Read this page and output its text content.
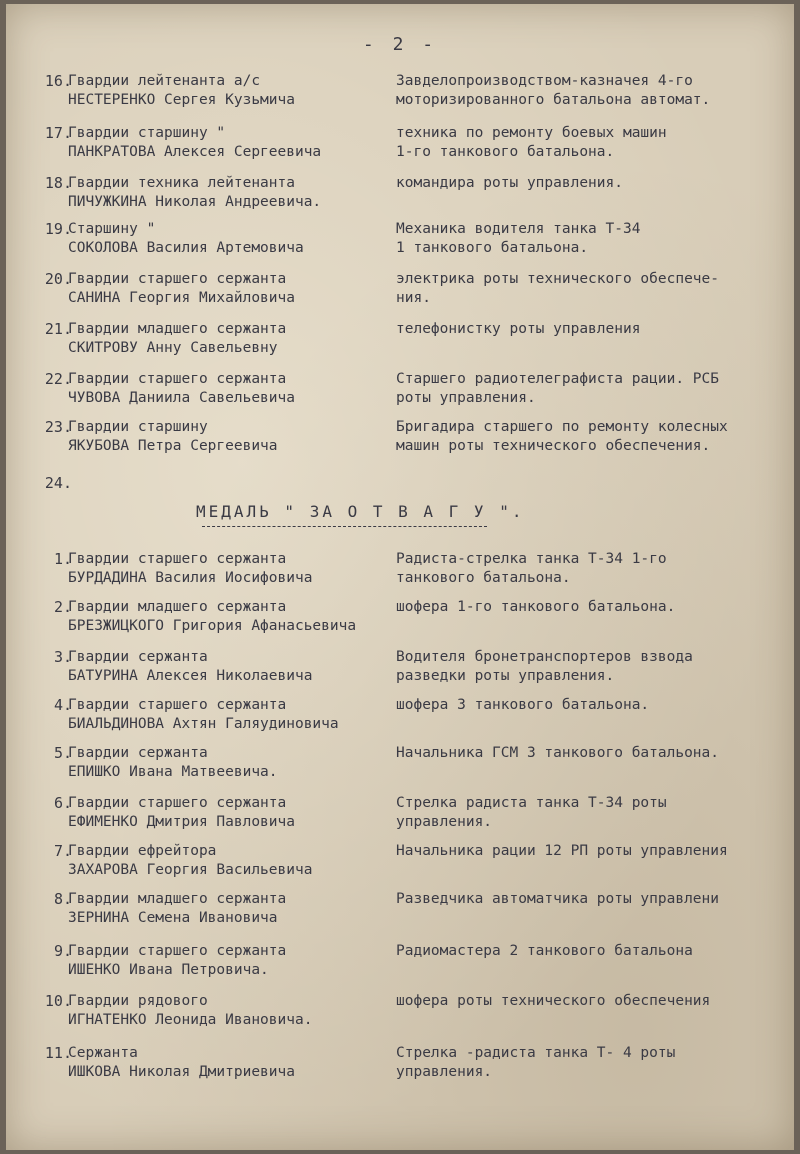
- 2 -
16.
Гвардии лейтенанта а/с
НЕСТЕРЕНКО Сергея Кузьмича
Завделопроизводством-казначея 4-го
моторизированного батальона автомат.
17.
Гвардии старшину "
ПАНКРАТОВА Алексея Сергеевича
техника по ремонту боевых машин
1-го танкового батальона.
18.
Гвардии техника лейтенанта
ПИЧУЖКИНА Николая Андреевича.
командира роты управления.
19.
Старшину "
СОКОЛОВА Василия Артемовича
Механика водителя танка Т-34
1 танкового батальона.
20.
Гвардии старшего сержанта
САНИНА Георгия Михайловича
электрика роты технического обеспече-
ния.
21.
Гвардии младшего сержанта
СКИТРОВУ Анну Савельевну
телефонистку роты управления
22.
Гвардии старшего сержанта
ЧУВОВА Даниила Савельевича
Старшего радиотелеграфиста рации. РСБ
роты управления.
23.
Гвардии старшину
ЯКУБОВА Петра Сергеевича
Бригадира старшего по ремонту колесных
машин роты технического обеспечения.
24.
МЕДАЛЬ " ЗА О Т В А Г У ".
1.
Гвардии старшего сержанта
БУРДАДИНА Василия Иосифовича
Радиста-стрелка танка Т-34 1-го
танкового батальона.
2.
Гвардии младшего сержанта
БРЕЗЖИЦКОГО Григория Афанасьевича
шофера 1-го танкового батальона.
3.
Гвардии сержанта
БАТУРИНА Алексея Николаевича
Водителя бронетранспортеров взвода
разведки роты управления.
4.
Гвардии старшего сержанта
БИАЛЬДИНОВА Ахтян Галяудиновича
шофера 3 танкового батальона.
5.
Гвардии сержанта
ЕПИШКО Ивана Матвеевича.
Начальника ГСМ 3 танкового батальона.
6.
Гвардии старшего сержанта
ЕФИМЕНКО Дмитрия Павловича
Стрелка радиста танка Т-34 роты
управления.
7.
Гвардии ефрейтора
ЗАХАРОВА Георгия Васильевича
Начальника рации 12 РП роты управления
8.
Гвардии младшего сержанта
ЗЕРНИНА Семена Ивановича
Разведчика автоматчика роты управлени
9.
Гвардии старшего сержанта
ИШЕНКО Ивана Петровича.
Радиомастера 2 танкового батальона
10.
Гвардии рядового
ИГНАТЕНКО Леонида Ивановича.
шофера роты технического обеспечения
11.
Сержанта
ИШКОВА Николая Дмитриевича
Стрелка -радиста танка Т- 4 роты
управления.
